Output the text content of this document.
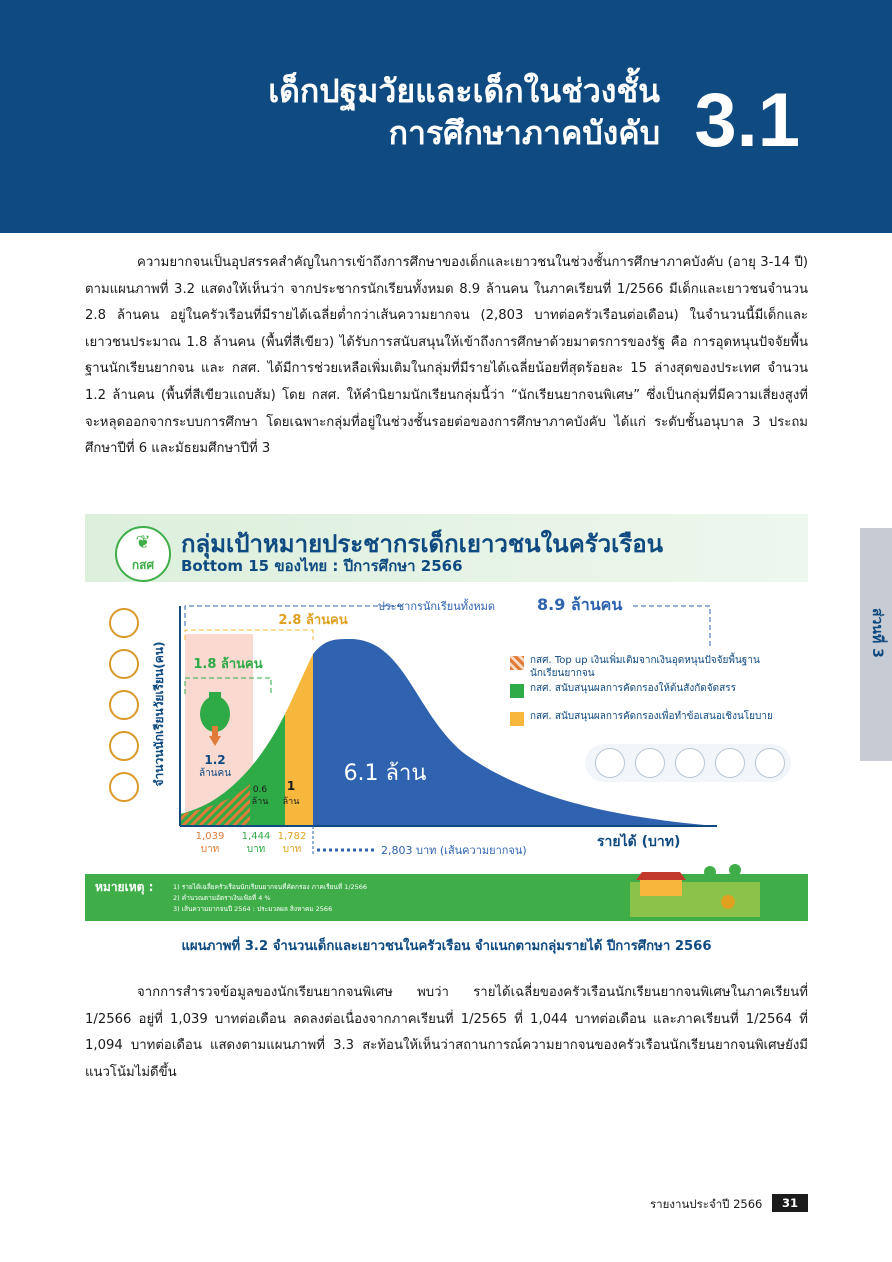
เด็กปฐมวัยและเด็กในช่วงชั้น
การศึกษาภาคบังคับ 3.1

ความยากจนเป็นอุปสรรคสำคัญในการเข้าถึงการศึกษาของเด็กและเยาวชนในช่วงชั้นการศึกษาภาคบังคับ (อายุ 3-14 ปี) ตามแผนภาพที่ 3.2 แสดงให้เห็นว่า จากประชากรนักเรียนทั้งหมด 8.9 ล้านคน ในภาคเรียนที่ 1/2566 มีเด็กและเยาวชนจำนวน 2.8 ล้านคน อยู่ในครัวเรือนที่มีรายได้เฉลี่ยต่ำกว่าเส้นความยากจน (2,803 บาทต่อครัวเรือนต่อเดือน) ในจำนวนนี้มีเด็กและเยาวชนประมาณ 1.8 ล้านคน (พื้นที่สีเขียว) ได้รับการสนับสนุนให้เข้าถึงการศึกษาด้วยมาตรการของรัฐ คือ การอุดหนุนปัจจัยพื้นฐานนักเรียนยากจน และ กสศ. ได้มีการช่วยเหลือเพิ่มเติมในกลุ่มที่มีรายได้เฉลี่ยน้อยที่สุดร้อยละ 15 ล่างสุดของประเทศ จำนวน 1.2 ล้านคน (พื้นที่สีเขียวแถบส้ม) โดย กสศ. ให้คำนิยามนักเรียนกลุ่มนี้ว่า “นักเรียนยากจนพิเศษ” ซึ่งเป็นกลุ่มที่มีความเสี่ยงสูงที่จะหลุดออกจากระบบการศึกษา โดยเฉพาะกลุ่มที่อยู่ในช่วงชั้นรอยต่อของการศึกษาภาคบังคับ ได้แก่ ระดับชั้นอนุบาล 3 ประถมศึกษาปีที่ 6 และมัธยมศึกษาปีที่ 3

ส่วนที่ 3
❦
กสศ
กลุ่มเป้าหมายประชากรเด็กเยาวชนในครัวเรือน
Bottom 15 ของไทย : ปีการศึกษา 2566
2.8 ล้านคน
1.8 ล้านคน
ประชากรนักเรียนทั้งหมด	8.9 ล้านคน
1.2
ล้านคน
0.6
ล้าน
1
ล้าน
6.1 ล้าน
จำนวนนักเรียนวัยเรียน(คน)
รายได้ (บาท)
1,039
บาท
1,444
บาท
1,782
บาท	2,803 บาท (เส้นความยากจน)
กสศ. Top up เงินเพิ่มเติมจากเงินอุดหนุนปัจจัยพื้นฐานนักเรียนยากจน
กสศ. สนับสนุนผลการคัดกรองให้ต้นสังกัดจัดสรร
กสศ. สนับสนุนผลการคัดกรองเพื่อทำข้อเสนอเชิงนโยบาย
หมายเหตุ :	1) รายได้เฉลี่ยครัวเรือนนักเรียนยากจนที่คัดกรอง ภาคเรียนที่ 1/2566
2) คำนวณตามอัตราเงินเฟ้อที่ 4 %
3) เส้นความยากจนปี 2564 : ประมวลผล สิงหาคม 2566
แผนภาพที่ 3.2 จำนวนเด็กและเยาวชนในครัวเรือน จำแนกตามกลุ่มรายได้ ปีการศึกษา 2566

จากการสำรวจข้อมูลของนักเรียนยากจนพิเศษ พบว่า รายได้เฉลี่ยของครัวเรือนนักเรียนยากจนพิเศษในภาคเรียนที่ 1/2566 อยู่ที่ 1,039 บาทต่อเดือน ลดลงต่อเนื่องจากภาคเรียนที่ 1/2565 ที่ 1,044 บาทต่อเดือน และภาคเรียนที่ 1/2564 ที่ 1,094 บาทต่อเดือน แสดงตามแผนภาพที่ 3.3 สะท้อนให้เห็นว่าสถานการณ์ความยากจนของครัวเรือนนักเรียนยากจนพิเศษยังมีแนวโน้มไม่ดีขึ้น

รายงานประจำปี 2566	31
